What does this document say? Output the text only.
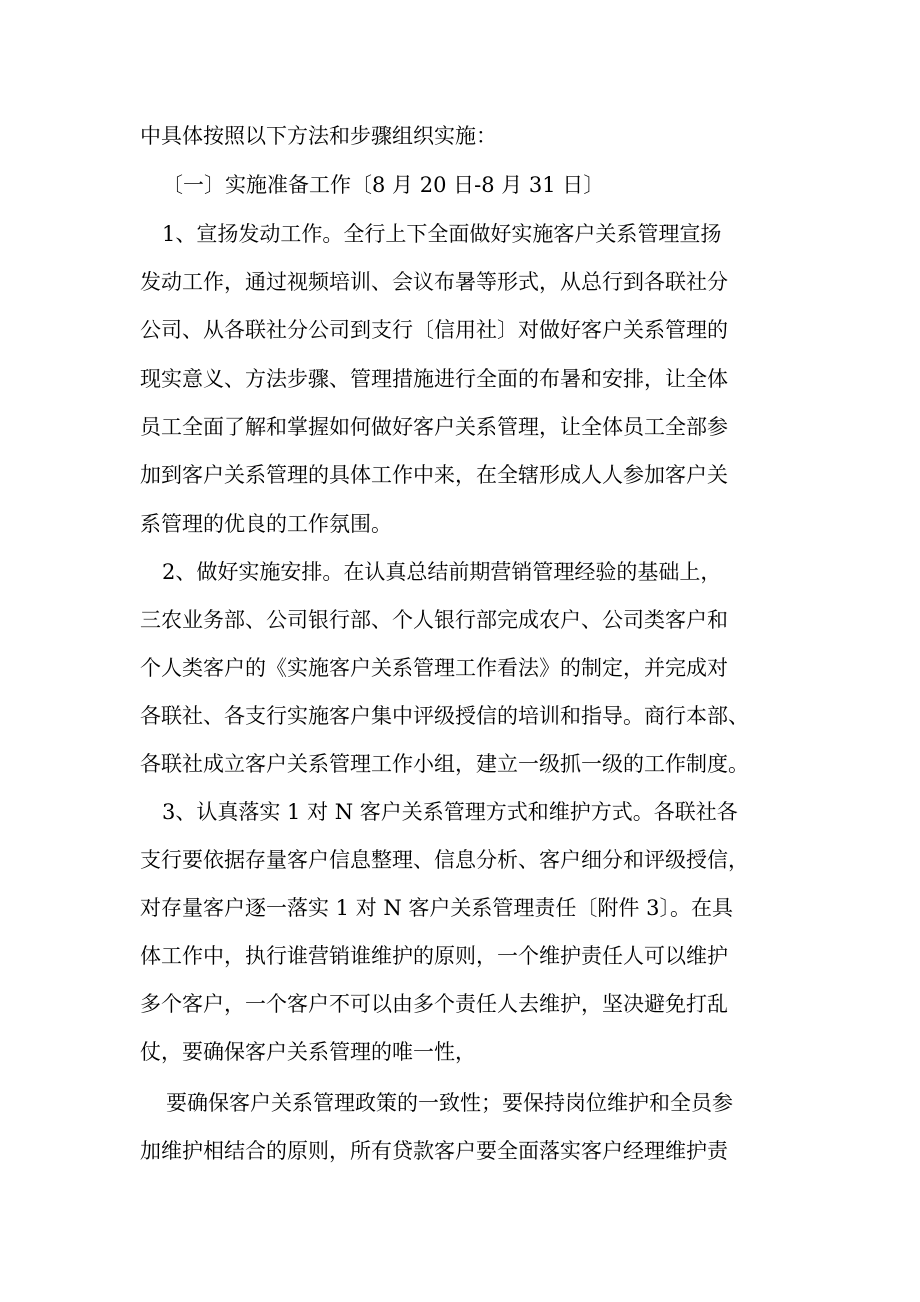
中具体按照以下方法和步骤组织实施：
〔一〕实施准备工作〔8 月 20 日-8 月 31 日〕
1、宣扬发动工作。全行上下全面做好实施客户关系管理宣扬
发动工作，通过视频培训、会议布暑等形式，从总行到各联社分
公司、从各联社分公司到支行〔信用社〕对做好客户关系管理的
现实意义、方法步骤、管理措施进行全面的布暑和安排，让全体
员工全面了解和掌握如何做好客户关系管理，让全体员工全部参
加到客户关系管理的具体工作中来，在全辖形成人人参加客户关
系管理的优良的工作氛围。
2、做好实施安排。在认真总结前期营销管理经验的基础上，
三农业务部、公司银行部、个人银行部完成农户、公司类客户和
个人类客户的《实施客户关系管理工作看法》的制定，并完成对
各联社、各支行实施客户集中评级授信的培训和指导。商行本部、
各联社成立客户关系管理工作小组，建立一级抓一级的工作制度。
3、认真落实 1 对 N 客户关系管理方式和维护方式。各联社各
支行要依据存量客户信息整理、信息分析、客户细分和评级授信，
对存量客户逐一落实 1 对 N 客户关系管理责任〔附件 3〕。在具
体工作中，执行谁营销谁维护的原则，一个维护责任人可以维护
多个客户，一个客户不可以由多个责任人去维护，坚决避免打乱
仗，要确保客户关系管理的唯一性，
要确保客户关系管理政策的一致性；要保持岗位维护和全员参
加维护相结合的原则，所有贷款客户要全面落实客户经理维护责
